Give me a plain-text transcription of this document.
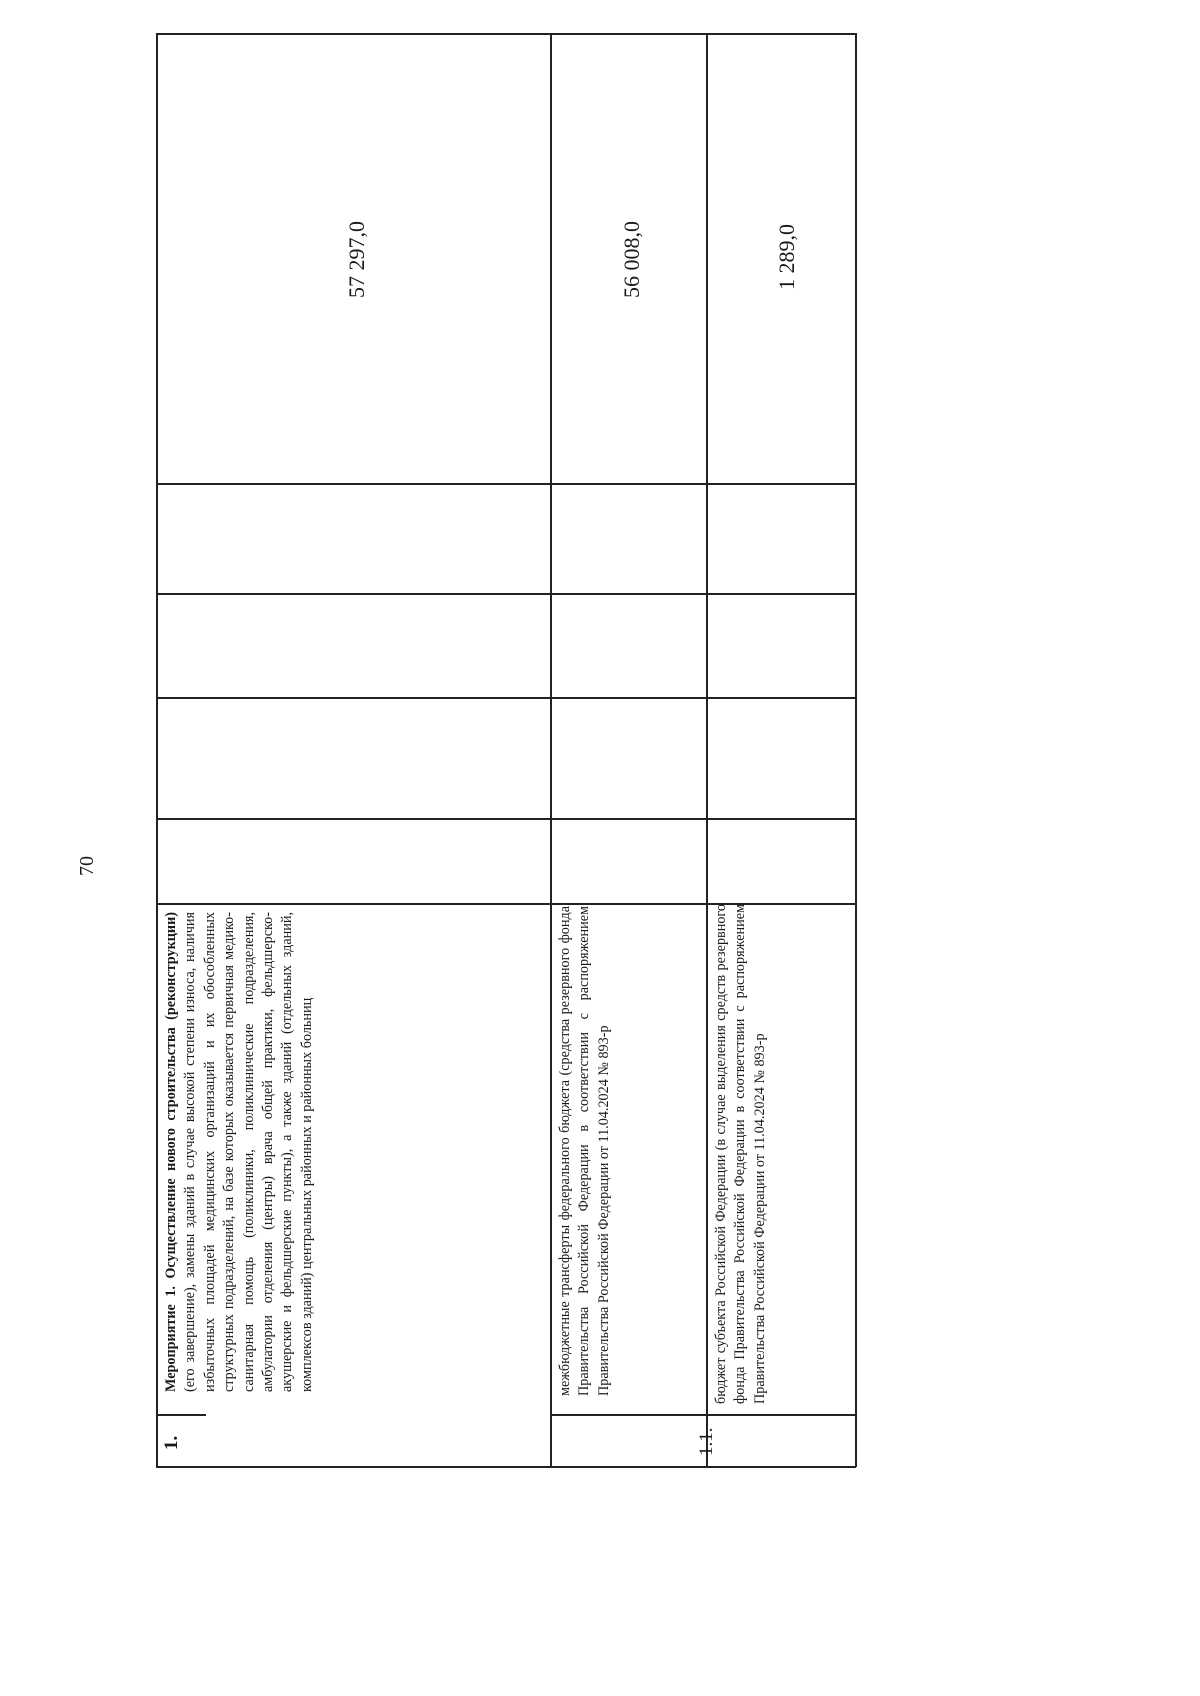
70
1.
Мероприятие 1. Осуществление нового строительства (реконструкции) (его завершение), замены зданий в случае высокой степени износа, наличия избыточных площадей медицинских организаций и их обособленных структурных подразделений, на базе которых оказывается первичная медико-санитарная помощь (поликлиники, поликлинические подразделения, амбулатории отделения (центры) врача общей практики, фельдшерско-акушерские и фельдшерские пункты), а также зданий (отдельных зданий, комплексов зданий) центральных районных и районных больниц
57 297,0
межбюджетные трансферты федерального бюджета (средства резервного фонда Правительства Российской Федерации в соответствии с распоряжением Правительства Российской Федерации от 11.04.2024 № 893-р
56 008,0
1.1.
бюджет субъекта Российской Федерации (в случае выделения средств резервного фонда Правительства Российской Федерации в соответствии с распоряжением Правительства Российской Федерации от 11.04.2024 № 893-р
1 289,0
